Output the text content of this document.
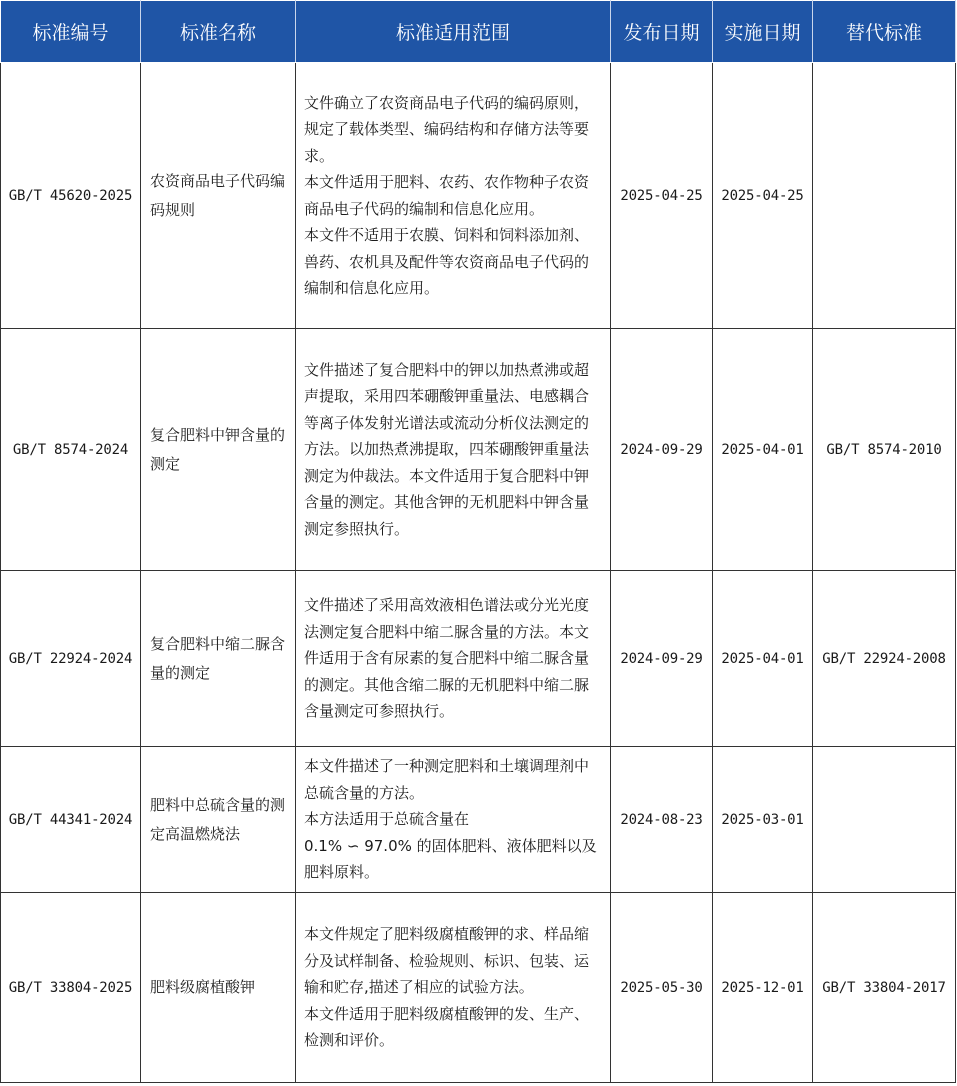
标准编号	标准名称	标准适用范围	发布日期	实施日期	替代标准
GB/T 45620-2025	农资商品电子代码编码规则	文件确立了农资商品电子代码的编码原则，规定了载体类型、编码结构和存储方法等要求。

本文件适用于肥料、农药、农作物种子农资商品电子代码的编制和信息化应用。

本文件不适用于农膜、饲料和饲料添加剂、兽药、农机具及配件等农资商品电子代码的编制和信息化应用。	2025-04-25	2025-04-25	
GB/T 8574-2024	复合肥料中钾含量的测定	文件描述了复合肥料中的钾以加热煮沸或超声提取，采用四苯硼酸钾重量法、电感耦合等离子体发射光谱法或流动分析仪法测定的方法。以加热煮沸提取，四苯硼酸钾重量法测定为仲裁法。本文件适用于复合肥料中钾含量的测定。其他含钾的无机肥料中钾含量测定参照执行。	2024-09-29	2025-04-01	GB/T 8574-2010
GB/T 22924-2024	复合肥料中缩二脲含量的测定	文件描述了采用高效液相色谱法或分光光度法测定复合肥料中缩二脲含量的方法。本文件适用于含有尿素的复合肥料中缩二脲含量的测定。其他含缩二脲的无机肥料中缩二脲含量测定可参照执行。	2024-09-29	2025-04-01	GB/T 22924-2008
GB/T 44341-2024	肥料中总硫含量的测定高温燃烧法	本文件描述了一种测定肥料和土壤调理剂中总硫含量的方法。

本方法适用于总硫含量在

0.1% ∽ 97.0% 的固体肥料、液体肥料以及肥料原料。	2024-08-23	2025-03-01	
GB/T 33804-2025	肥料级腐植酸钾	本文件规定了肥料级腐植酸钾的求、样品缩分及试样制备、检验规则、标识、包装、运输和贮存,描述了相应的试验方法。

本文件适用于肥料级腐植酸钾的发、生产、检测和评价。	2025-05-30	2025-12-01	GB/T 33804-2017
